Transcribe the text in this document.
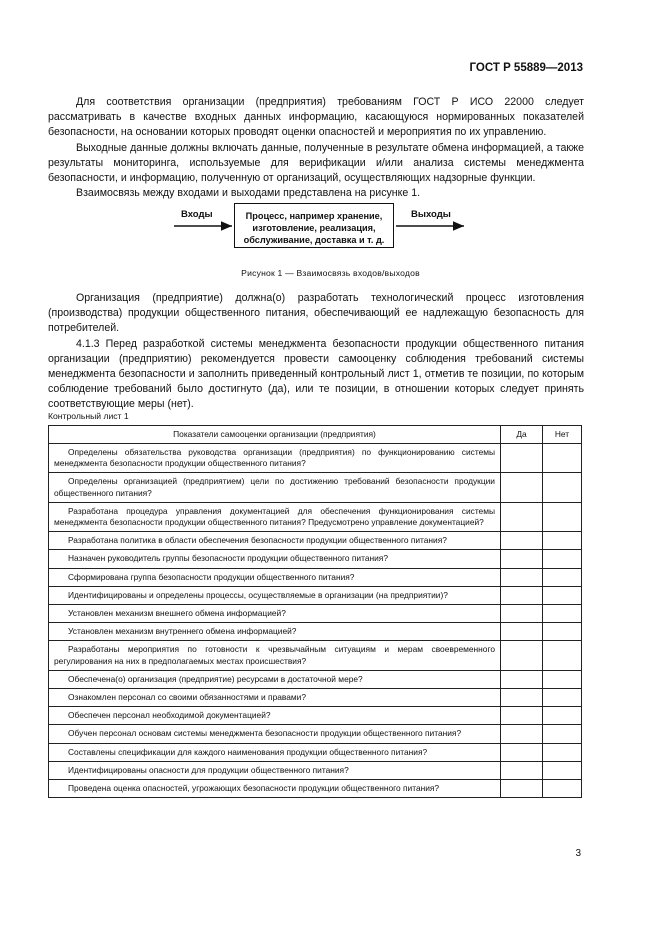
ГОСТ Р 55889—2013

Для соответствия организации (предприятия) требованиям ГОСТ Р ИСО 22000 следует рассматривать в качестве входных данных информацию, касающуюся нормированных показателей безопасности, на основании которых проводят оценки опасностей и мероприятия по их управлению.

Выходные данные должны включать данные, полученные в результате обмена информацией, а также результаты мониторинга, используемые для верификации и/или анализа системы менеджмента безопасности, и информацию, полученную от организаций, осуществляющих надзорные функции.

Взаимосвязь между входами и выходами представлена на рисунке 1.

Входы	Процесс, например хранение, изготовление, реализация, обслуживание, доставка и т. д.
Выходы
Рисунок 1 — Взаимосвязь входов/выходов

Организация (предприятие) должна(о) разработать технологический процесс изготовления (производства) продукции общественного питания, обеспечивающий ее надлежащую безопасность для потребителей.

4.1.3 Перед разработкой системы менеджмента безопасности продукции общественного питания организации (предприятию) рекомендуется провести самооценку соблюдения требований системы менеджмента безопасности и заполнить приведенный контрольный лист 1, отметив те позиции, по которым соблюдение требований было достигнуто (да), или те позиции, в отношении которых следует принять соответствующие меры (нет).

Контрольный лист 1
Показатели самооценки организации (предприятия)	Да	Нет

Определены обязательства руководства организации (предприятия) по функционированию системы менеджмента безопасности продукции общественного питания?		

Определены организацией (предприятием) цели по достижению требований безопасности продукции общественного питания?		

Разработана процедура управления документацией для обеспечения функционирования системы менеджмента безопасности продукции общественного питания? Предусмотрено управление документацией?		

Разработана политика в области обеспечения безопасности продукции общественного питания?		

Назначен руководитель группы безопасности продукции общественного питания?		

Сформирована группа безопасности продукции общественного питания?		

Идентифицированы и определены процессы, осуществляемые в организации (на предприятии)?		

Установлен механизм внешнего обмена информацией?		

Установлен механизм внутреннего обмена информацией?		

Разработаны мероприятия по готовности к чрезвычайным ситуациям и мерам своевременного регулирования на них в предполагаемых местах происшествия?		

Обеспечена(о) организация (предприятие) ресурсами в достаточной мере?		

Ознакомлен персонал со своими обязанностями и правами?		

Обеспечен персонал необходимой документацией?		

Обучен персонал основам системы менеджмента безопасности продукции общественного питания?		

Составлены спецификации для каждого наименования продукции общественного питания?		

Идентифицированы опасности для продукции общественного питания?		

Проведена оценка опасностей, угрожающих безопасности продукции общественного питания?		

3
